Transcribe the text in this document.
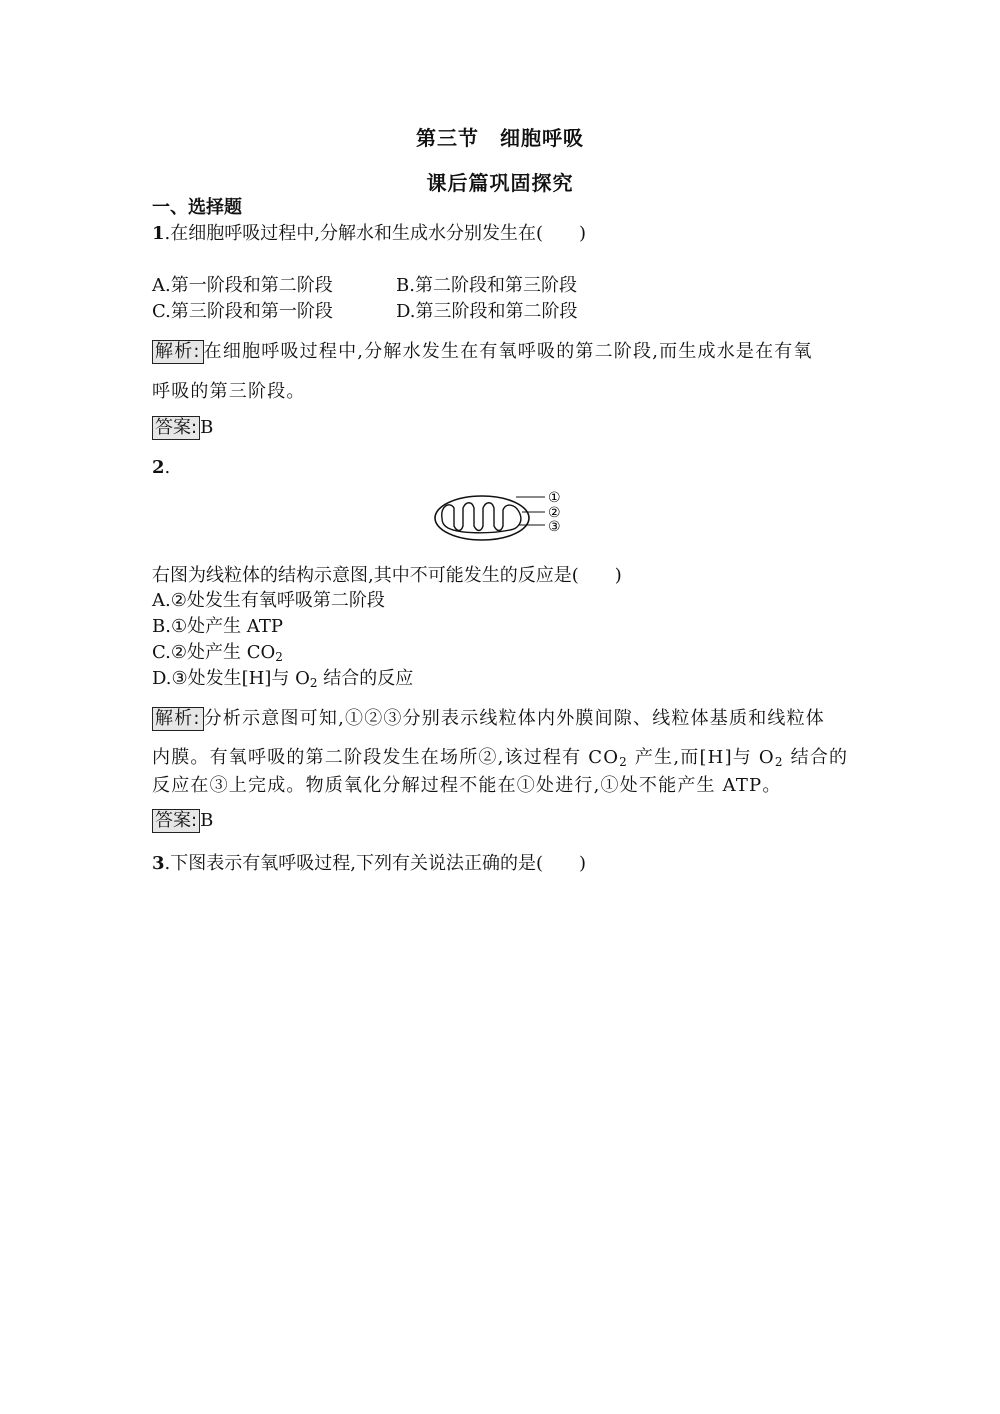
第三节　细胞呼吸
课后篇巩固探究
一、选择题
1.在细胞呼吸过程中,分解水和生成水分别发生在(　　)
A.第一阶段和第二阶段	B.第二阶段和第三阶段
C.第三阶段和第一阶段	D.第三阶段和第二阶段
解析: 在细胞呼吸过程中,分解水发生在有氧呼吸的第二阶段,而生成水是在有氧
呼吸的第三阶段。
答案: B
2.
①
②
③
右图为线粒体的结构示意图,其中不可能发生的反应是(　　)
A.②处发生有氧呼吸第二阶段
B.①处产生 ATP
C.②处产生 $CO_2$
D.③处发生[H]与 $O_2$ 结合的反应
解析: 分析示意图可知,①②③分别表示线粒体内外膜间隙、线粒体基质和线粒体
内膜。有氧呼吸的第二阶段发生在场所②,该过程有 $CO_2$ 产生,而[H]与 $O_2$ 结合的
反应在③上完成。物质氧化分解过程不能在①处进行,①处不能产生 ATP。
答案: B
3.下图表示有氧呼吸过程,下列有关说法正确的是(　　)
